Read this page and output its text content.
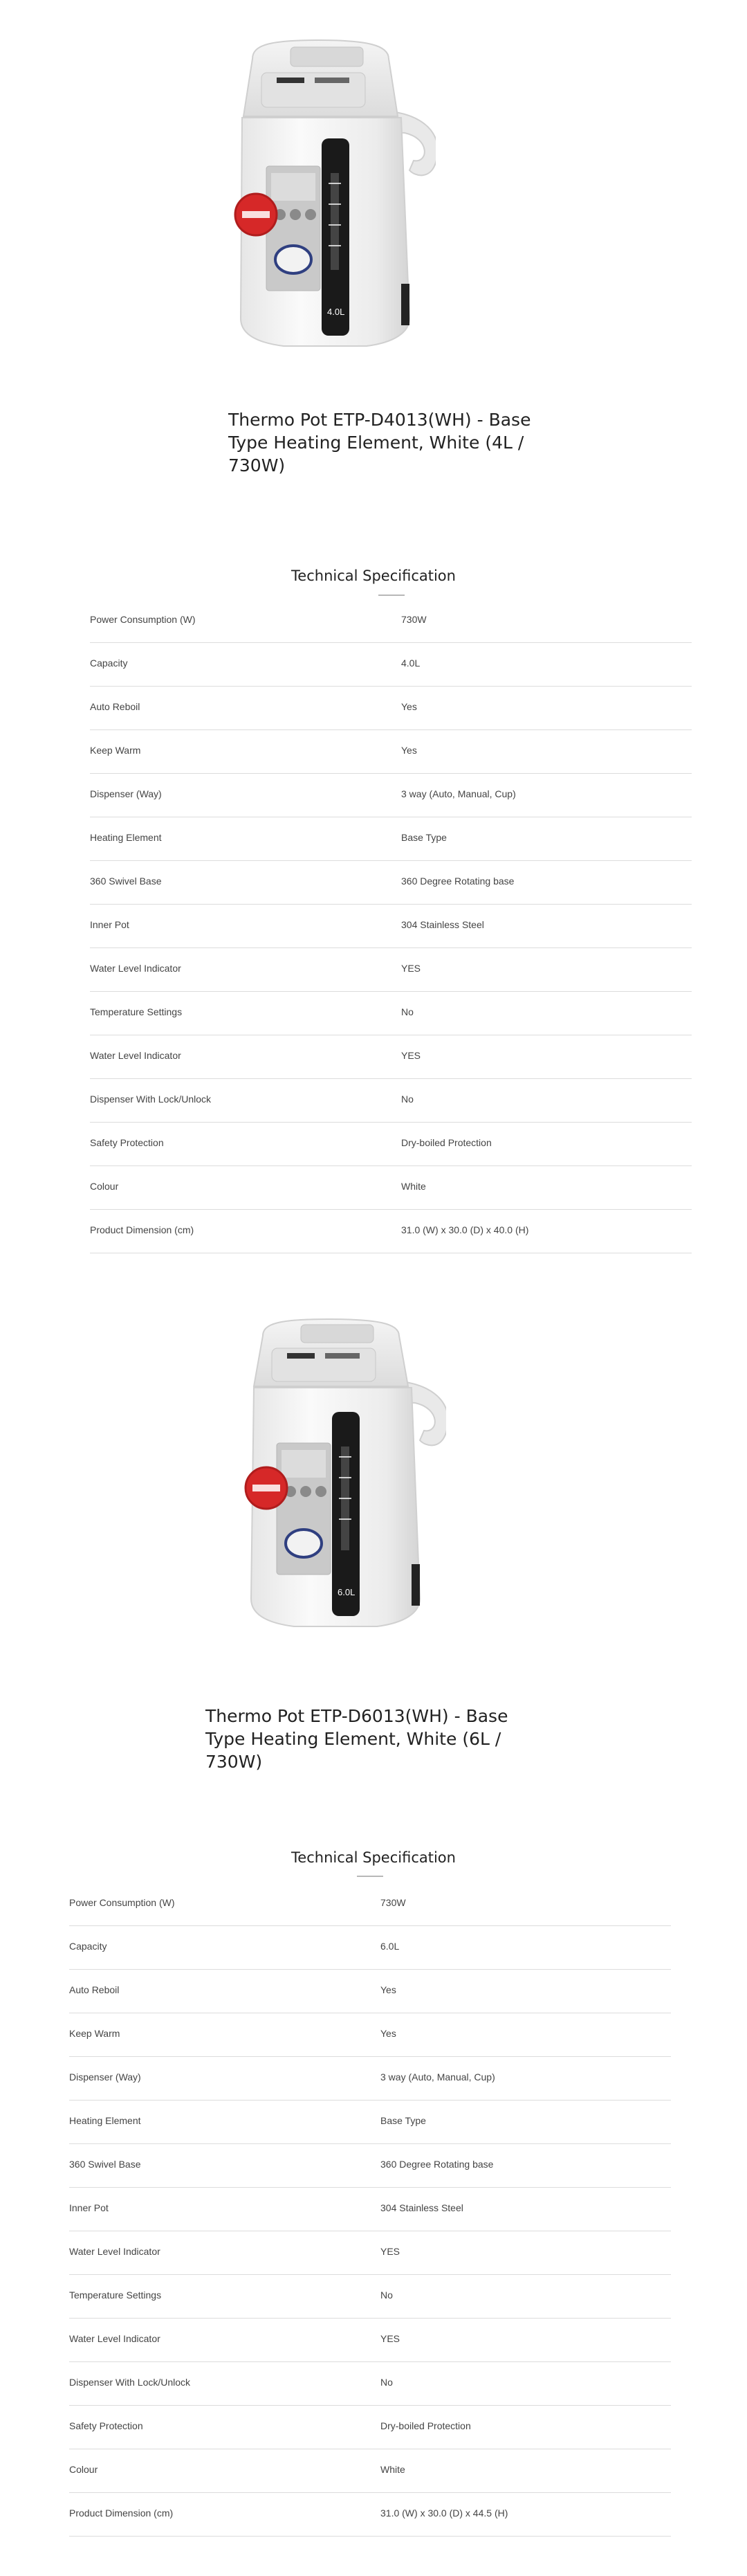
4.0L
Thermo Pot ETP-D4013(WH) - Base Type Heating Element, White (4L / 730W)
Technical Specification
Power Consumption (W)	730W
Capacity	4.0L
Auto Reboil	Yes
Keep Warm	Yes
Dispenser (Way)	3 way (Auto, Manual, Cup)
Heating Element	Base Type
360 Swivel Base	360 Degree Rotating base
Inner Pot	304 Stainless Steel
Water Level Indicator	YES
Temperature Settings	No
Water Level Indicator	YES
Dispenser With Lock/Unlock	No
Safety Protection	Dry-boiled Protection
Colour	White
Product Dimension (cm)	31.0 (W) x 30.0 (D) x 40.0 (H)
6.0L
Thermo Pot ETP-D6013(WH) - Base Type Heating Element, White (6L / 730W)
Technical Specification
Power Consumption (W)	730W
Capacity	6.0L
Auto Reboil	Yes
Keep Warm	Yes
Dispenser (Way)	3 way (Auto, Manual, Cup)
Heating Element	Base Type
360 Swivel Base	360 Degree Rotating base
Inner Pot	304 Stainless Steel
Water Level Indicator	YES
Temperature Settings	No
Water Level Indicator	YES
Dispenser With Lock/Unlock	No
Safety Protection	Dry-boiled Protection
Colour	White
Product Dimension (cm)	31.0 (W) x 30.0 (D) x 44.5 (H)
